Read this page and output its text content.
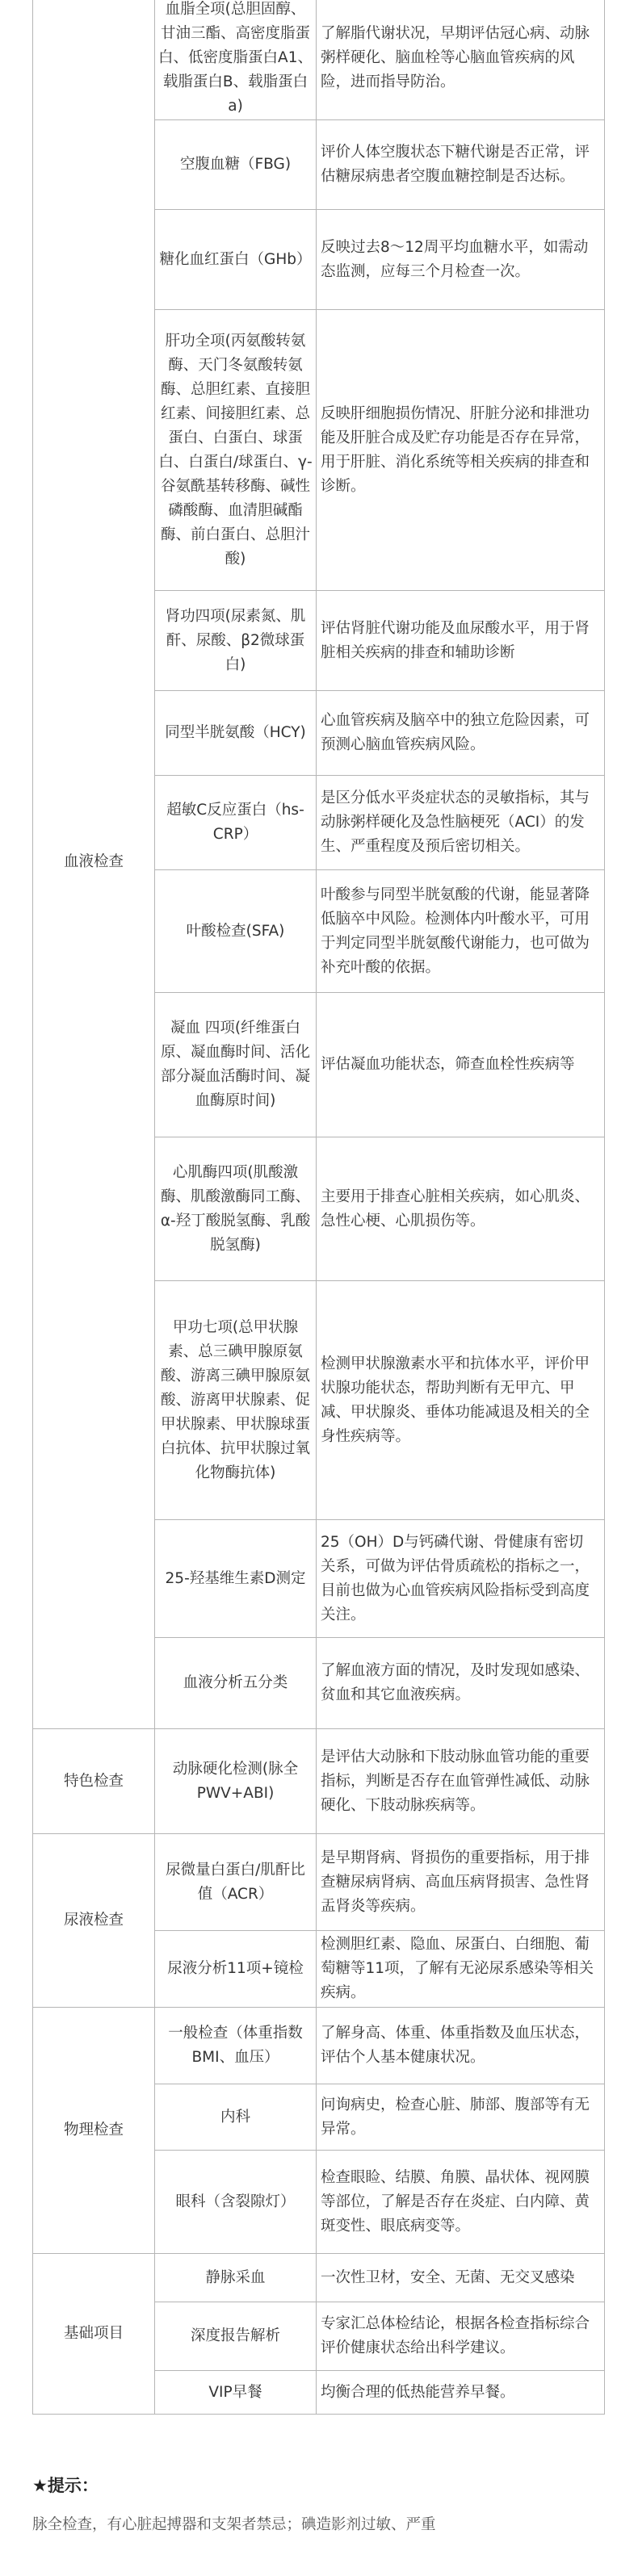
血液检查	血脂全项(总胆固醇、甘油三酯、高密度脂蛋白、低密度脂蛋白A1、载脂蛋白B、载脂蛋白a)	了解脂代谢状况，早期评估冠心病、动脉粥样硬化、脑血栓等心脑血管疾病的风险，进而指导防治。
	空腹血糖（FBG)	评价人体空腹状态下糖代谢是否正常，评估糖尿病患者空腹血糖控制是否达标。
	糖化血红蛋白（GHb）	反映过去8～12周平均血糖水平，如需动态监测，应每三个月检查一次。
	肝功全项(丙氨酸转氨酶、天门冬氨酸转氨酶、总胆红素、直接胆红素、间接胆红素、总蛋白、白蛋白、球蛋白、白蛋白/球蛋白、γ-谷氨酰基转移酶、碱性磷酸酶、血清胆碱酯酶、前白蛋白、总胆汁酸)	反映肝细胞损伤情况、肝脏分泌和排泄功能及肝脏合成及贮存功能是否存在异常，用于肝脏、消化系统等相关疾病的排查和诊断。
	肾功四项(尿素氮、肌酐、尿酸、β2微球蛋白)	评估肾脏代谢功能及血尿酸水平，用于肾脏相关疾病的排查和辅助诊断
	同型半胱氨酸（HCY)	心血管疾病及脑卒中的独立危险因素，可预测心脑血管疾病风险。
	超敏C反应蛋白（hs-CRP）	是区分低水平炎症状态的灵敏指标，其与动脉粥样硬化及急性脑梗死（ACI）的发生、严重程度及预后密切相关。
	叶酸检查(SFA)	叶酸参与同型半胱氨酸的代谢，能显著降低脑卒中风险。检测体内叶酸水平，可用于判定同型半胱氨酸代谢能力，也可做为补充叶酸的依据。
	凝血 四项(纤维蛋白原、凝血酶时间、活化部分凝血活酶时间、凝血酶原时间)	评估凝血功能状态，筛查血栓性疾病等
	心肌酶四项(肌酸激酶、肌酸激酶同工酶、α-羟丁酸脱氢酶、乳酸脱氢酶)	主要用于排查心脏相关疾病，如心肌炎、急性心梗、心肌损伤等。
	甲功七项(总甲状腺素、总三碘甲腺原氨酸、游离三碘甲腺原氨酸、游离甲状腺素、促甲状腺素、甲状腺球蛋白抗体、抗甲状腺过氧化物酶抗体)	检测甲状腺激素水平和抗体水平，评价甲状腺功能状态，帮助判断有无甲亢、甲减、甲状腺炎、垂体功能减退及相关的全身性疾病等。
	25-羟基维生素D测定	25（OH）D与钙磷代谢、骨健康有密切关系，可做为评估骨质疏松的指标之一，目前也做为心血管疾病风险指标受到高度关注。
	血液分析五分类	了解血液方面的情况，及时发现如感染、贫血和其它血液疾病。
特色检查	动脉硬化检测(脉全PWV+ABI)	是评估大动脉和下肢动脉血管功能的重要指标，判断是否存在血管弹性减低、动脉硬化、下肢动脉疾病等。
尿液检查	尿微量白蛋白/肌酐比值（ACR）	是早期肾病、肾损伤的重要指标，用于排查糖尿病肾病、高血压病肾损害、急性肾盂肾炎等疾病。
	尿液分析11项+镜检	检测胆红素、隐血、尿蛋白、白细胞、葡萄糖等11项，了解有无泌尿系感染等相关疾病。
物理检查	一般检查（体重指数BMI、血压）	了解身高、体重、体重指数及血压状态，评估个人基本健康状况。
	内科	问询病史，检查心脏、肺部、腹部等有无异常。
	眼科（含裂隙灯）	检查眼睑、结膜、角膜、晶状体、视网膜等部位，了解是否存在炎症、白内障、黄斑变性、眼底病变等。
基础项目	静脉采血	一次性卫材，安全、无菌、无交叉感染
	深度报告解析	专家汇总体检结论，根据各检查指标综合评价健康状态给出科学建议。
	VIP早餐	均衡合理的低热能营养早餐。
★提示：
脉全检查，有心脏起搏器和支架者禁忌；碘造影剂过敏、严重
